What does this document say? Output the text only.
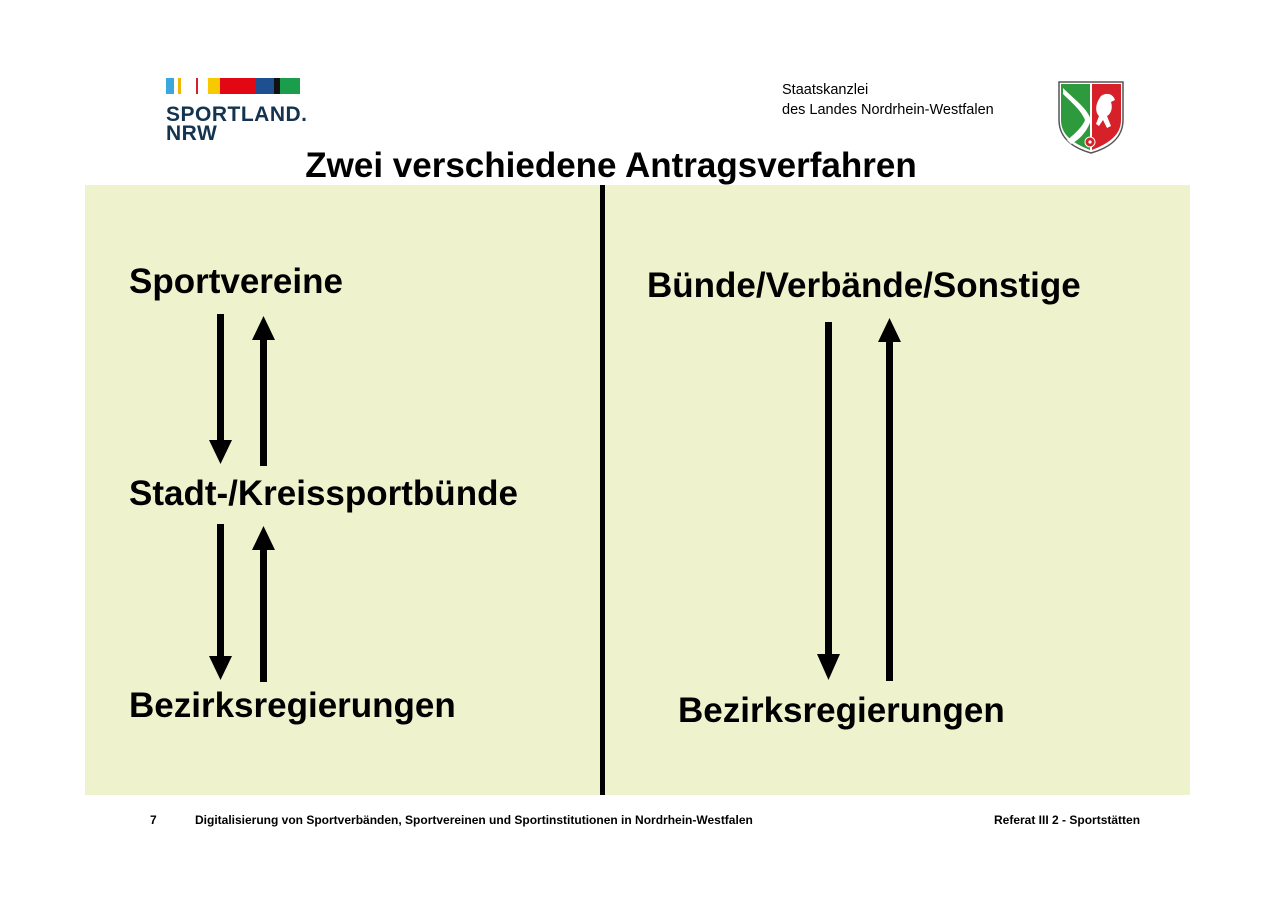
SPORTLAND.
NRW
Staatskanzlei
des Landes Nordrhein-Westfalen
Zwei verschiedene Antragsverfahren
Sportvereine
Stadt-/Kreissportbünde
Bezirksregierungen
Bünde/Verbände/Sonstige
Bezirksregierungen
7	Digitalisierung von Sportverbänden, Sportvereinen und Sportinstitutionen in Nordrhein-Westfalen	Referat III 2 - Sportstätten
